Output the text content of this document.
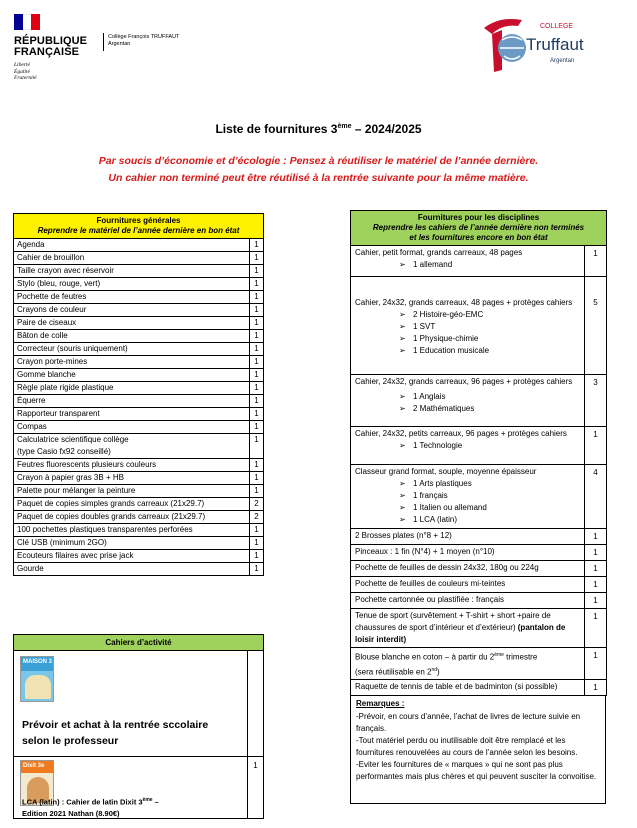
RÉPUBLIQUE
FRANÇAISE
Liberté
Égalité
Fraternité
Collège François TRUFFAUT
Argentan
COLLEGE
Truffaut
Argentan
Liste de fournitures 3ème – 2024/2025
Par soucis d’économie et d’écologie : Pensez à réutiliser le matériel de l’année dernière.
Un cahier non terminé peut être réutilisé à la rentrée suivante pour la même matière.
Fournitures générales
Reprendre le matériel de l’année dernière en bon état	

Agenda	1
Cahier de brouillon	1
Taille crayon avec réservoir	1
Stylo (bleu, rouge, vert)	1
Pochette de feutres	1
Crayons de couleur	1
Paire de ciseaux	1
Bâton de colle	1
Correcteur (souris uniquement)	1
Crayon porte-mines	1
Gomme blanche	1
Règle plate rigide plastique	1
Équerre	1
Rapporteur transparent	1
Compas	1

Calculatrice scientifique collège
(type Casio fx92 conseillé)	1
Feutres fluorescents plusieurs couleurs	1
Crayon à papier gras 3B + HB	1
Palette pour mélanger la peinture	1
Paquet de copies simples grands carreaux (21x29.7)	2
Paquet de copies doubles grands carreaux (21x29.7)	2
100 pochettes plastiques transparentes perforées	1
Clé USB (minimum 2GO)	1
Ecouteurs filaires avec prise jack	1
Gourde	1
Cahiers d’activité	

MAISON 3
Prévoir et achat à la rentrée sccolaire
selon le professeur	

Dixit 3e
LCA (latin) : Cahier de latin Dixit 3ème –
Edition 2021 Nathan (8.90€)	1
Fournitures pour les disciplines
Reprendre les cahiers de l’année dernière non terminés
et les fournitures encore en bon état	

Cahier, petit format, grands carreaux, 48 pages
➢ 1 allemand	1

Cahier, 24x32, grands carreaux, 48 pages + protèges cahiers
➢ 2 Histoire-géo-EMC
➢ 1 SVT
➢ 1 Physique-chimie
➢ 1 Education musicale	5

Cahier, 24x32, grands carreaux, 96 pages + protèges cahiers
➢ 1 Anglais
➢ 2 Mathématiques	3

Cahier, 24x32, petits carreaux, 96 pages + protèges cahiers
➢ 1 Technologie	1

Classeur grand format, souple, moyenne épaisseur
➢ 1 Arts plastiques
➢ 1 français
➢ 1 Italien ou allemand
➢ 1 LCA (latin)	4
2 Brosses plates (n°8 + 12)	1
Pinceaux : 1 fin (N°4) + 1 moyen (n°10)	1
Pochette de feuilles de dessin 24x32, 180g ou 224g	1
Pochette de feuilles de couleurs mi-teintes	1
Pochette cartonnée ou plastifiée : français	1
Tenue de sport (survêtement + T-shirt + short +paire de chaussures de sport d’intérieur et d’extérieur) (pantalon de loisir interdit)	1

Blouse blanche en coton – à partir du 2ème trimestre
(sera réutilisable en 2nd)	1
Raquette de tennis de table et de badminton (si possible)	1
Remarques :
-Prévoir, en cours d’année, l’achat de livres de lecture suivie en français.
-Tout matériel perdu ou inutilisable doit être remplacé et les fournitures renouvelées au cours de l’année selon les besoins.
-Eviter les fournitures de « marques » qui ne sont pas plus performantes mais plus chères et qui peuvent susciter la convoitise.
